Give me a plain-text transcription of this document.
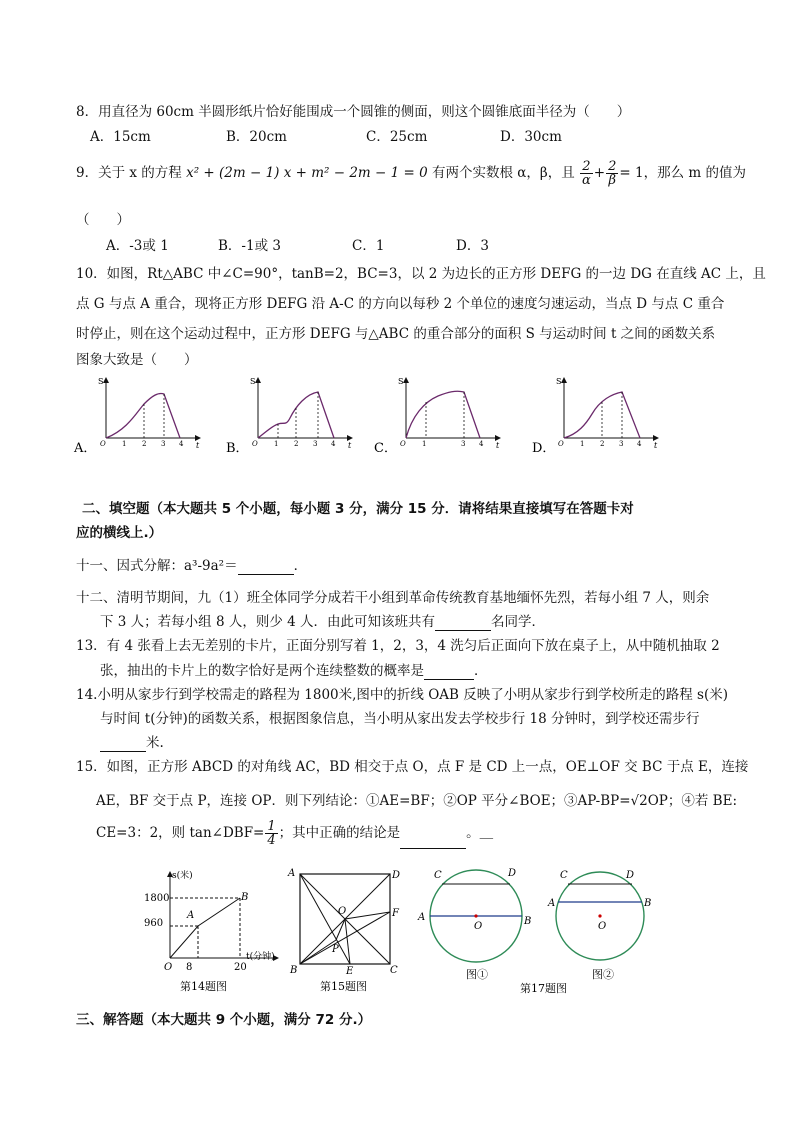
8．用直径为 60cm 半圆形纸片恰好能围成一个圆锥的侧面，则这个圆锥底面半径为（　　）
A．15cm	B．20cm	C．25cm	D．30cm
9．关于 x 的方程 x² + (2m − 1) x + m² − 2m − 1 = 0 有两个实数根 α，β，且 $\frac{2}{\alpha} + \frac{2}{\beta} = 1$，那么 m 的值为
（　　）
A．-3或 1	B．-1或 3	C．1	D．3
10．如图，Rt△ABC 中∠C=90°，tanB=2，BC=3，以 2 为边长的正方形 DEFG 的一边 DG 在直线 AC 上，且
点 G 与点 A 重合，现将正方形 DEFG 沿 A-C 的方向以每秒 2 个单位的速度匀速运动，当点 D 与点 C 重合
时停止，则在这个运动过程中，正方形 DEFG 与△ABC 的重合部分的面积 S 与运动时间 t 之间的函数关系
图象大致是（　　）
A．
S
t
O 1 2 3 4	B．
S
t
O 1 2 3 4	C．
S
t
O 1	3 4	D．
S
t
O 1 2 3 4
二、填空题（本大题共 5 个小题，每小题 3 分，满分 15 分．请将结果直接填写在答题卡对
应的横线上.）
十一、因式分解：a³-9a²＝	．
十二、清明节期间，九（1）班全体同学分成若干小组到革命传统教育基地缅怀先烈，若每小组 7 人，则余
下 3 人；若每小组 8 人，则少 4 人．由此可知该班共有	名同学．
13．有 4 张看上去无差别的卡片，正面分别写着 1，2，3，4 洗匀后正面向下放在桌子上，从中随机抽取 2
张，抽出的卡片上的数字恰好是两个连续整数的概率是	．
14.小明从家步行到学校需走的路程为 1800米,图中的折线 OAB 反映了小明从家步行到学校所走的路程 s(米)
与时间 t(分钟)的函数关系，根据图象信息，当小明从家出发去学校步行 18 分钟时，到学校还需步行
米.
15．如图，正方形 ABCD 的对角线 AC，BD 相交于点 O，点 F 是 CD 上一点，OE⊥OF 交 BC 于点 E，连接
AE，BF 交于点 P，连接 OP．则下列结论：①AE=BF；②OP 平分∠BOE；③AP-BP=√2OP；④若 BE:
CE=3：2，则 tan∠DBF= $\frac{1}{4}$ ；其中正确的结论是	。＿
s(米)
t(分钟)
O
1800
960
8	20
A
B
第14题图
A
B	C
D
O	F
P
E
第15题图
C	D
A	B
O
图①
C	D
A	B
O
图②
第17题图
三、解答题（本大题共 9 个小题，满分 72 分.）
